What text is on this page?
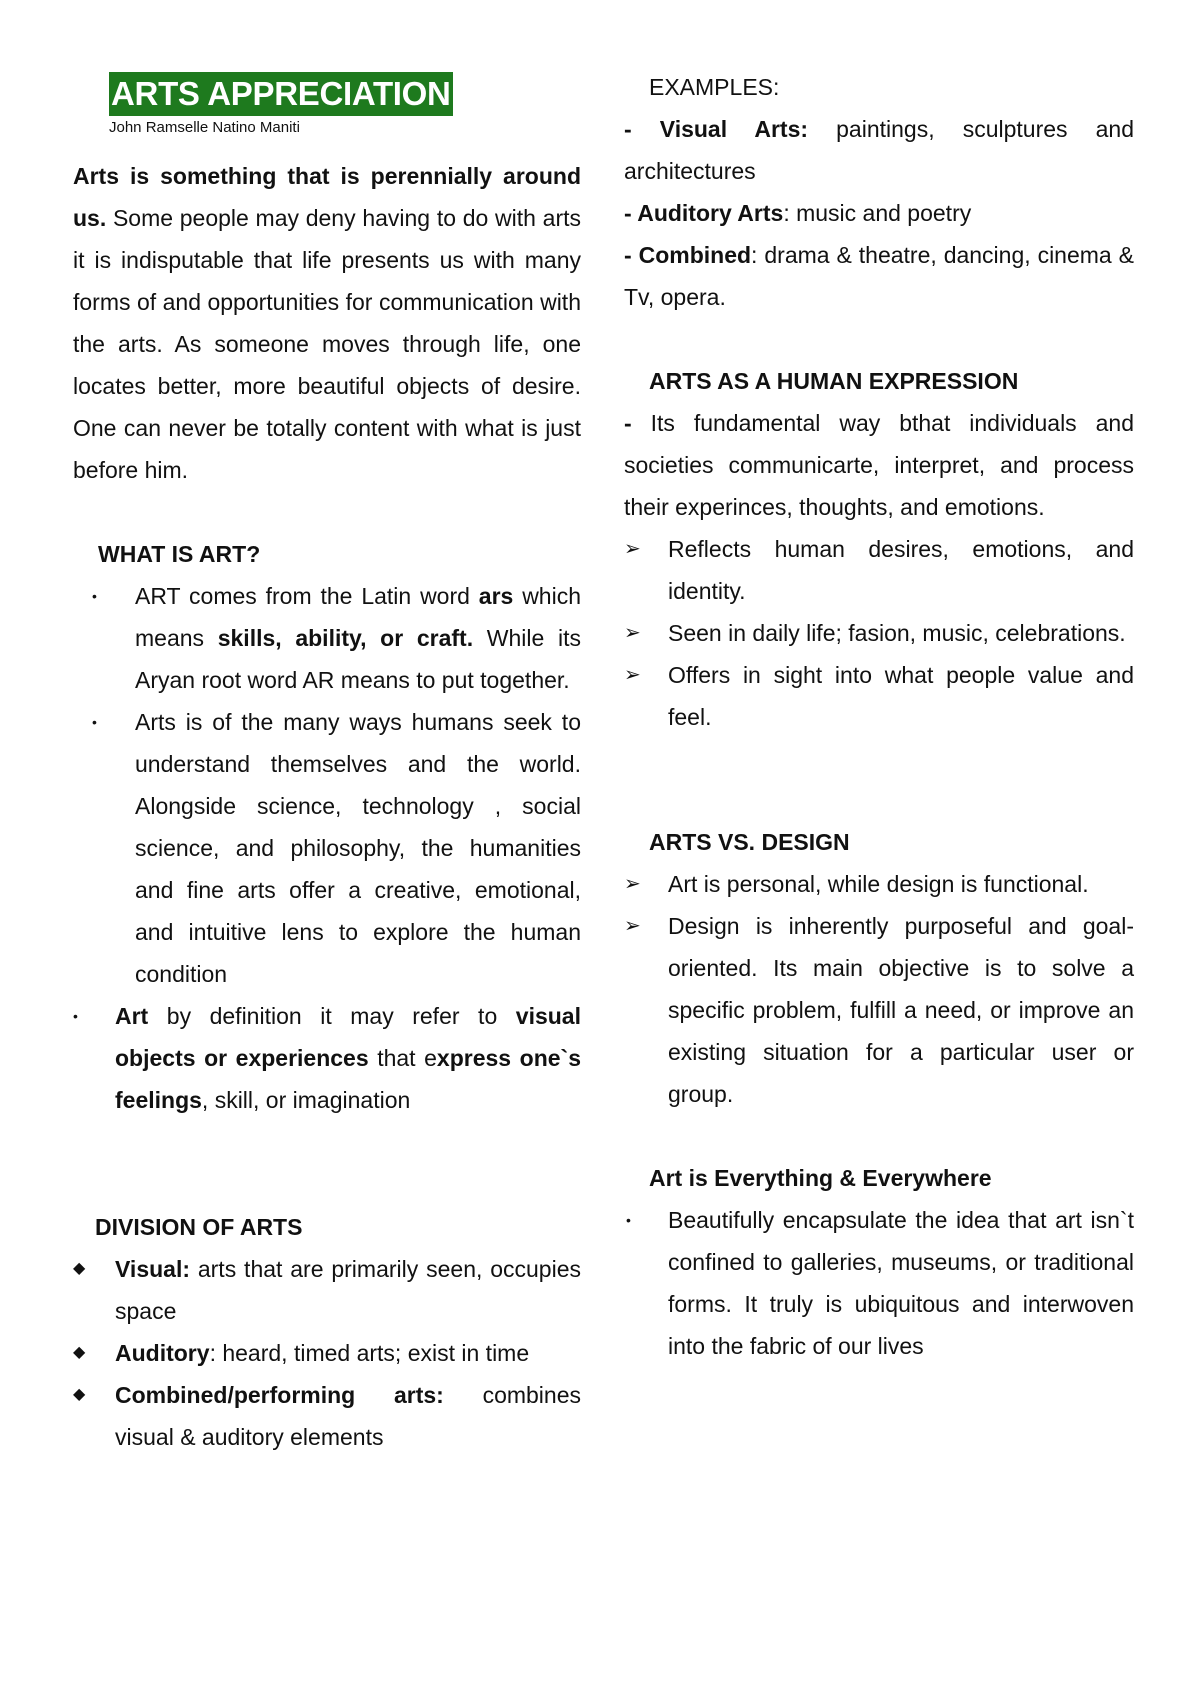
ARTS APPRECIATION
John Ramselle Natino Maniti

Arts is something that is perennially around us. Some people may deny having to do with arts it is indisputable that life presents us with many forms of and opportunities for communication with the arts. As someone moves through life, one locates better, more beautiful objects of desire. One can never be totally content with what is just before him.

WHAT IS ART?

• ART comes from the Latin word ars which means skills, ability, or craft. While its Aryan root word AR means to put together.
• Arts is of the many ways humans seek to understand themselves and the world. Alongside science, technology , social science, and philosophy, the humanities and fine arts offer a creative, emotional, and intuitive lens to explore the human condition
• Art by definition it may refer to visual objects or experiences that express one`s feelings, skill, or imagination

DIVISION OF ARTS

◆ Visual: arts that are primarily seen, occupies space
◆ Auditory: heard, timed arts; exist in time
◆ Combined/performing arts: combines visual & auditory elements

EXAMPLES:

- Visual Arts: paintings, sculptures and architectures

- Auditory Arts: music and poetry

- Combined: drama & theatre, dancing, cinema & Tv, opera.

ARTS AS A HUMAN EXPRESSION

- Its fundamental way bthat individuals and societies communicarte, interpret, and process their experinces, thoughts, and emotions.

➢ Reflects human desires, emotions, and identity.
➢ Seen in daily life; fasion, music, celebrations.
➢ Offers in sight into what people value and feel.

ARTS VS. DESIGN

➢ Art is personal, while design is functional.
➢ Design is inherently purposeful and goal-oriented. Its main objective is to solve a specific problem, fulfill a need, or improve an existing situation for a particular user or group.

Art is Everything & Everywhere

• Beautifully encapsulate the idea that art isn`t confined to galleries, museums, or traditional forms. It truly is ubiquitous and interwoven into the fabric of our lives
